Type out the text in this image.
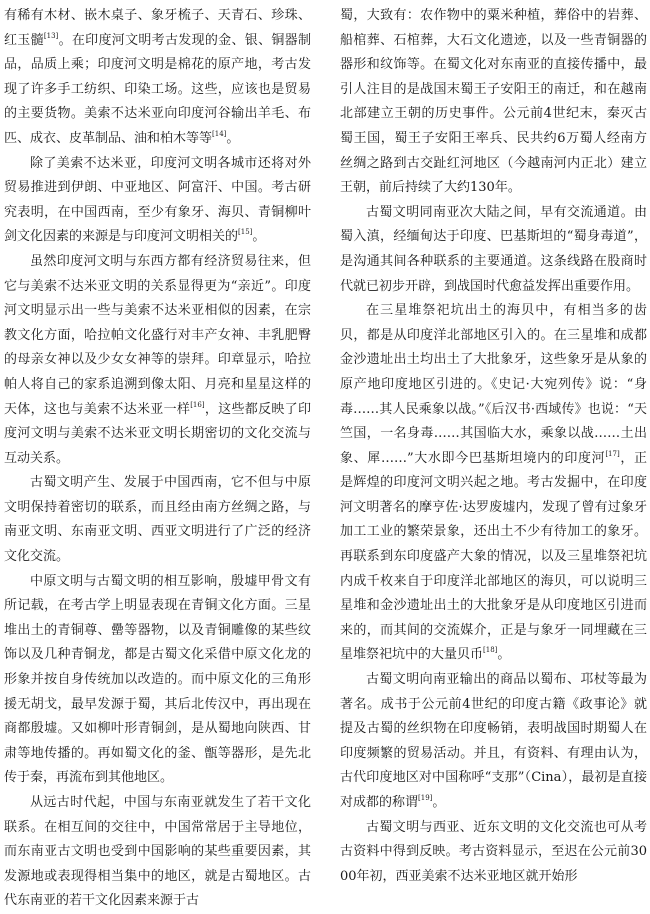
有稀有木材、嵌木桌子、象牙梳子、天青石、珍珠、红玉髓[13]。在印度河文明考古发现的金、银、铜器制品，品质上乘；印度河文明是棉花的原产地，考古发现了许多手工纺织、印染工场。这些，应该也是贸易的主要货物。美索不达米亚向印度河谷输出羊毛、布匹、成衣、皮革制品、油和柏木等等[14]。

除了美索不达米亚，印度河文明各城市还将对外贸易推进到伊朗、中亚地区、阿富汗、中国。考古研究表明，在中国西南，至少有象牙、海贝、青铜柳叶剑文化因素的来源是与印度河文明相关的[15]。

虽然印度河文明与东西方都有经济贸易往来，但它与美索不达米亚文明的关系显得更为“亲近”。印度河文明显示出一些与美索不达米亚相似的因素，在宗教文化方面，哈拉帕文化盛行对丰产女神、丰乳肥臀的母亲女神以及少女女神等的崇拜。印章显示，哈拉帕人将自己的家系追溯到像太阳、月亮和星星这样的天体，这也与美索不达米亚一样[16]，这些都反映了印度河文明与美索不达米亚文明长期密切的文化交流与互动关系。

古蜀文明产生、发展于中国西南，它不但与中原文明保持着密切的联系，而且经由南方丝绸之路，与南亚文明、东南亚文明、西亚文明进行了广泛的经济文化交流。

中原文明与古蜀文明的相互影响，殷墟甲骨文有所记载，在考古学上明显表现在青铜文化方面。三星堆出土的青铜尊、罍等器物，以及青铜雕像的某些纹饰以及几种青铜龙，都是古蜀文化采借中原文化龙的形象并按自身传统加以改造的。而中原文化的三角形援无胡戈，最早发源于蜀，其后北传汉中，再出现在商都殷墟。又如柳叶形青铜剑，是从蜀地向陕西、甘肃等地传播的。再如蜀文化的釜、甑等器形，是先北传于秦，再流布到其他地区。

从远古时代起，中国与东南亚就发生了若干文化联系。在相互间的交往中，中国常常居于主导地位，而东南亚古文明也受到中国影响的某些重要因素，其发源地或表现得相当集中的地区，就是古蜀地区。古代东南亚的若干文化因素来源于古

蜀，大致有：农作物中的粟米种植，葬俗中的岩葬、船棺葬、石棺葬，大石文化遗迹，以及一些青铜器的器形和纹饰等。在蜀文化对东南亚的直接传播中，最引人注目的是战国末蜀王子安阳王的南迁，和在越南北部建立王朝的历史事件。公元前4世纪末，秦灭古蜀王国，蜀王子安阳王率兵、民共约6万蜀人经南方丝绸之路到古交趾红河地区（今越南河内正北）建立王朝，前后持续了大约130年。

古蜀文明同南亚次大陆之间，早有交流通道。由蜀入滇，经缅甸达于印度、巴基斯坦的“蜀身毒道”，是沟通其间各种联系的主要通道。这条线路在股商时代就已初步开辟，到战国时代愈益发挥出重要作用。

在三星堆祭祀坑出土的海贝中，有相当多的齿贝，都是从印度洋北部地区引入的。在三星堆和成都金沙遗址出土均出土了大批象牙，这些象牙是从象的原产地印度地区引进的。《史记·大宛列传》说：“身毒……其人民乘象以战。”《后汉书·西域传》也说：“天竺国，一名身毒……其国临大水，乘象以战……土出象、犀……”大水即今巴基斯坦境内的印度河[17]，正是辉煌的印度河文明兴起之地。考古发掘中，在印度河文明著名的摩亨佐·达罗废墟内，发现了曾有过象牙加工工业的繁荣景象，还出土不少有待加工的象牙。再联系到东印度盛产大象的情况，以及三星堆祭祀坑内成千枚来自于印度洋北部地区的海贝，可以说明三星堆和金沙遗址出土的大批象牙是从印度地区引进而来的，而其间的交流媒介，正是与象牙一同埋藏在三星堆祭祀坑中的大量贝币[18]。

古蜀文明向南亚输出的商品以蜀布、邛杖等最为著名。成书于公元前4世纪的印度古籍《政事论》就提及古蜀的丝织物在印度畅销，表明战国时期蜀人在印度频繁的贸易活动。并且，有资料、有理由认为，古代印度地区对中国称呼“支那”（Cina），最初是直接对成都的称谓[19]。

古蜀文明与西亚、近东文明的文化交流也可从考古资料中得到反映。考古资料显示，至迟在公元前3000年初，西亚美索不达米亚地区就开始形
